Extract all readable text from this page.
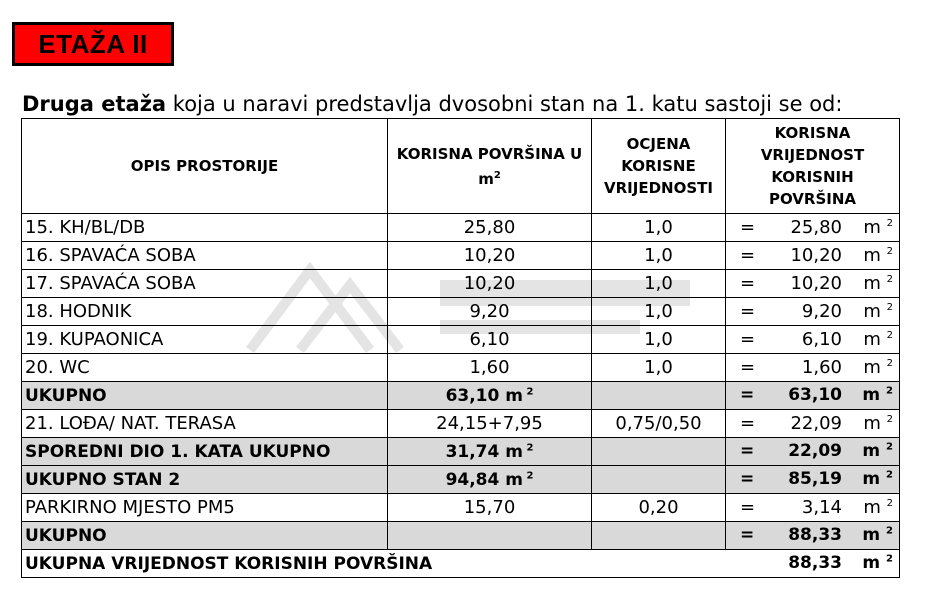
ETAŽA II
Druga etaža koja u naravi predstavlja dvosobni stan na 1. katu sastoji se od:
OPIS PROSTORIJE	KORISNA POVRŠINA U $m^2$	OCJENA KORISNE VRIJEDNOSTI	KORISNA VRIJEDNOST KORISNIH POVRŠINA
15. KH/BL/DB	25,80	1,0	= 25,80 m $^2$

16. SPAVAĆA SOBA	10,20	1,0	= 10,20 m $^2$

17. SPAVAĆA SOBA	10,20	1,0	= 10,20 m $^2$

18. HODNIK	9,20	1,0	= 9,20 m $^2$

19. KUPAONICA	6,10	1,0	= 6,10 m $^2$

20. WC	1,60	1,0	= 1,60 m $^2$

UKUPNO	63,10 m $^2$		= 63,10 m $^2$

21. LOĐA/ NAT. TERASA	24,15+7,95	0,75/0,50	= 22,09 m $^2$

SPOREDNI DIO 1. KATA UKUPNO	31,74 m $^2$		= 22,09 m $^2$

UKUPNO STAN 2	94,84 m $^2$		= 85,19 m $^2$

PARKIRNO MJESTO PM5	15,70	0,20	= 3,14 m $^2$

UKUPNO			= 88,33 m $^2$

UKUPNA VRIJEDNOST KORISNIH POVRŠINA			88,33 m $^2$
